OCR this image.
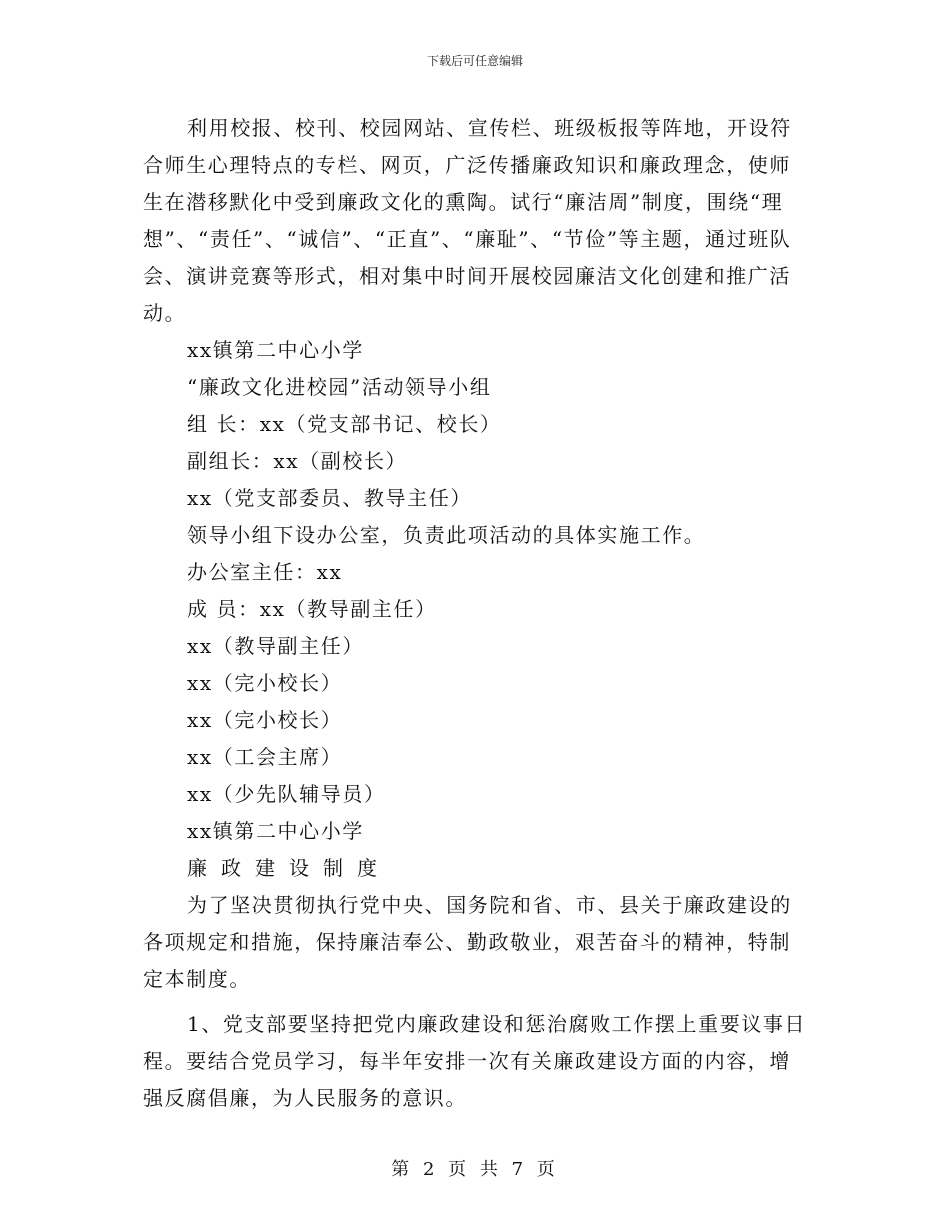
下载后可任意编辑

利用校报、校刊、校园网站、宣传栏、班级板报等阵地，开设符合师生心理特点的专栏、网页，广泛传播廉政知识和廉政理念，使师生在潜移默化中受到廉政文化的熏陶。试行“廉洁周”制度，围绕“理想”、“责任”、“诚信”、“正直”、“廉耻”、“节俭”等主题，通过班队会、演讲竞赛等形式，相对集中时间开展校园廉洁文化创建和推广活动。

xx镇第二中心小学

“廉政文化进校园”活动领导小组

组 长：xx（党支部书记、校长）

副组长：xx（副校长）

xx（党支部委员、教导主任）

领导小组下设办公室，负责此项活动的具体实施工作。

办公室主任：xx

成 员：xx（教导副主任）

xx（教导副主任）

xx（完小校长）

xx（完小校长）

xx（工会主席）

xx（少先队辅导员）

xx镇第二中心小学

廉政建设制度

为了坚决贯彻执行党中央、国务院和省、市、县关于廉政建设的各项规定和措施，保持廉洁奉公、勤政敬业，艰苦奋斗的精神，特制定本制度。

1、党支部要坚持把党内廉政建设和惩治腐败工作摆上重要议事日程。要结合党员学习，每半年安排一次有关廉政建设方面的内容，增强反腐倡廉，为人民服务的意识。

第 2 页 共 7 页
